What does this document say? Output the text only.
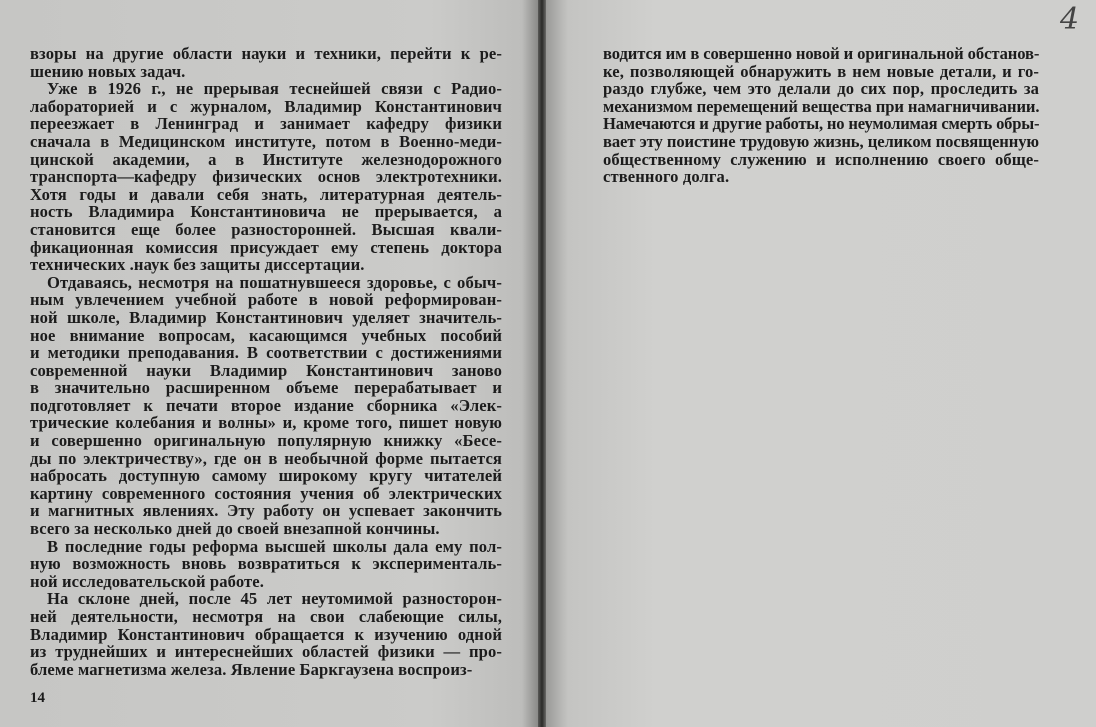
взоры на другие области науки и техники, перейти к ре-
шению новых задач.
Уже в 1926 г., не прерывая теснейшей связи с Радио-
лабораторией и с журналом, Владимир Константинович
переезжает в Ленинград и занимает кафедру физики
сначала в Медицинском институте, потом в Военно-меди-
цинской академии, а в Институте железнодорожного
транспорта—кафедру физических основ электротехники.
Хотя годы и давали себя знать, литературная деятель-
ность Владимира Константиновича не прерывается, а
становится еще более разносторонней. Высшая квали-
фикационная комиссия присуждает ему степень доктора
технических .наук без защиты диссертации.
Отдаваясь, несмотря на пошатнувшееся здоровье, с обыч-
ным увлечением учебной работе в новой реформирован-
ной школе, Владимир Константинович уделяет значитель-
ное внимание вопросам, касающимся учебных пособий
и методики преподавания. В соответствии с достижениями
современной науки Владимир Константинович заново
в значительно расширенном объеме перерабатывает и
подготовляет к печати второе издание сборника «Элек-
трические колебания и волны» и, кроме того, пишет новую
и совершенно оригинальную популярную книжку «Бесе-
ды по электричеству», где он в необычной форме пытается
набросать доступную самому широкому кругу читателей
картину современного состояния учения об электрических
и магнитных явлениях. Эту работу он успевает закончить
всего за несколько дней до своей внезапной кончины.
В последние годы реформа высшей школы дала ему пол-
ную возможность вновь возвратиться к эксперименталь-
ной исследовательской работе.
На склоне дней, после 45 лет неутомимой разносторон-
ней деятельности, несмотря на свои слабеющие силы,
Владимир Константинович обращается к изучению одной
из труднейших и интереснейших областей физики — про-
блеме магнетизма железа. Явление Баркгаузена воспроиз-
14
водится им в совершенно новой и оригинальной обстанов-
ке, позволяющей обнаружить в нем новые детали, и го-
раздо глубже, чем это делали до сих пор, проследить за
механизмом перемещений вещества при намагничивании.
Намечаются и другие работы, но неумолимая смерть обры-
вает эту поистине трудовую жизнь, целиком посвященную
общественному служению и исполнению своего обще-
ственного долга.
4
